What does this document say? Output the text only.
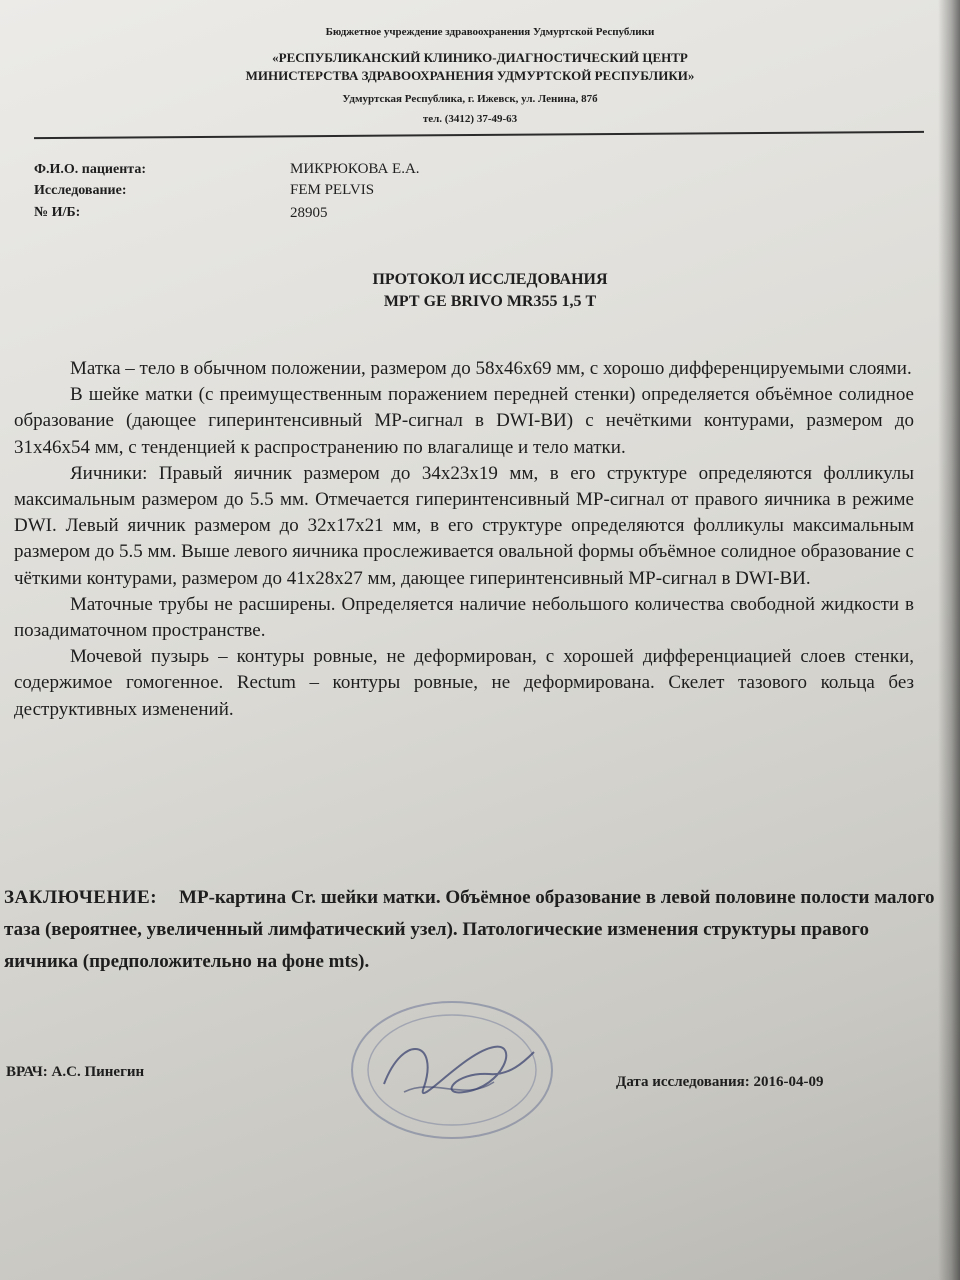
Бюджетное учреждение здравоохранения Удмуртской Республики
«РЕСПУБЛИКАНСКИЙ КЛИНИКО-ДИАГНОСТИЧЕСКИЙ ЦЕНТР
МИНИСТЕРСТВА ЗДРАВООХРАНЕНИЯ УДМУРТСКОЙ РЕСПУБЛИКИ»
Удмуртская Республика, г. Ижевск, ул. Ленина, 87б
тел. (3412) 37-49-63
Ф.И.О. пациента:	МИКРЮКОВА Е.А.
Исследование:	FEM PELVIS
№ И/Б:	28905
ПРОТОКОЛ ИССЛЕДОВАНИЯ
МРТ GE BRIVO MR355 1,5 Т

Матка – тело в обычном положении, размером до 58х46х69 мм, с хорошо дифференцируемыми слоями.

В шейке матки (с преимущественным поражением передней стенки) определяется объёмное солидное образование (дающее гиперинтенсивный МР-сигнал в DWI-ВИ) с нечёткими контурами, размером до 31х46х54 мм, с тенденцией к распространению по влагалище и тело матки.

Яичники: Правый яичник размером до 34х23х19 мм, в его структуре определяются фолликулы максимальным размером до 5.5 мм. Отмечается гиперинтенсивный МР-сигнал от правого яичника в режиме DWI. Левый яичник размером до 32х17х21 мм, в его структуре определяются фолликулы максимальным размером до 5.5 мм. Выше левого яичника прослеживается овальной формы объёмное солидное образование с чёткими контурами, размером до 41х28х27 мм, дающее гиперинтенсивный МР-сигнал в DWI-ВИ.

Маточные трубы не расширены. Определяется наличие небольшого количества свободной жидкости в позадиматочном пространстве.

Мочевой пузырь – контуры ровные, не деформирован, с хорошей дифференциацией слоев стенки, содержимое гомогенное. Rectum – контуры ровные, не деформирована. Скелет тазового кольца без деструктивных изменений.

ЗАКЛЮЧЕНИЕ: МР-картина Cr. шейки матки. Объёмное образование в левой половине полости малого таза (вероятнее, увеличенный лимфатический узел). Патологические изменения структуры правого яичника (предположительно на фоне mts).
ВРАЧ: А.С. Пинегин
Дата исследования: 2016-04-09
